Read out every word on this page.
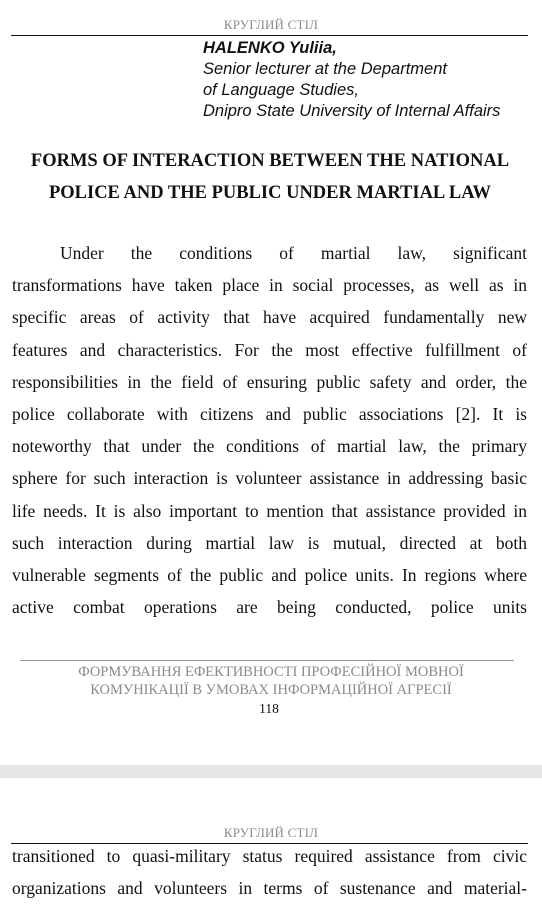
КРУГЛИЙ СТІЛ
HALENKO Yuliia,
Senior lecturer at the Department
of Language Studies,
Dnipro State University of Internal Affairs
FORMS OF INTERACTION BETWEEN THE NATIONAL
POLICE AND THE PUBLIC UNDER MARTIAL LAW
Under the conditions of martial law, significant
transformations have taken place in social processes, as well as in
specific areas of activity that have acquired fundamentally new
features and characteristics. For the most effective fulfillment of
responsibilities in the field of ensuring public safety and order, the
police collaborate with citizens and public associations [2]. It is
noteworthy that under the conditions of martial law, the primary
sphere for such interaction is volunteer assistance in addressing basic
life needs. It is also important to mention that assistance provided in
such interaction during martial law is mutual, directed at both
vulnerable segments of the public and police units. In regions where
active combat operations are being conducted, police units
ФОРМУВАННЯ ЕФЕКТИВНОСТІ ПРОФЕСІЙНОЇ МОВНОЇ
КОМУНІКАЦІЇ В УМОВАХ ІНФОРМАЦІЙНОЇ АГРЕСІЇ
118
КРУГЛИЙ СТІЛ
transitioned to quasi-military status required assistance from civic
organizations and volunteers in terms of sustenance and material-
